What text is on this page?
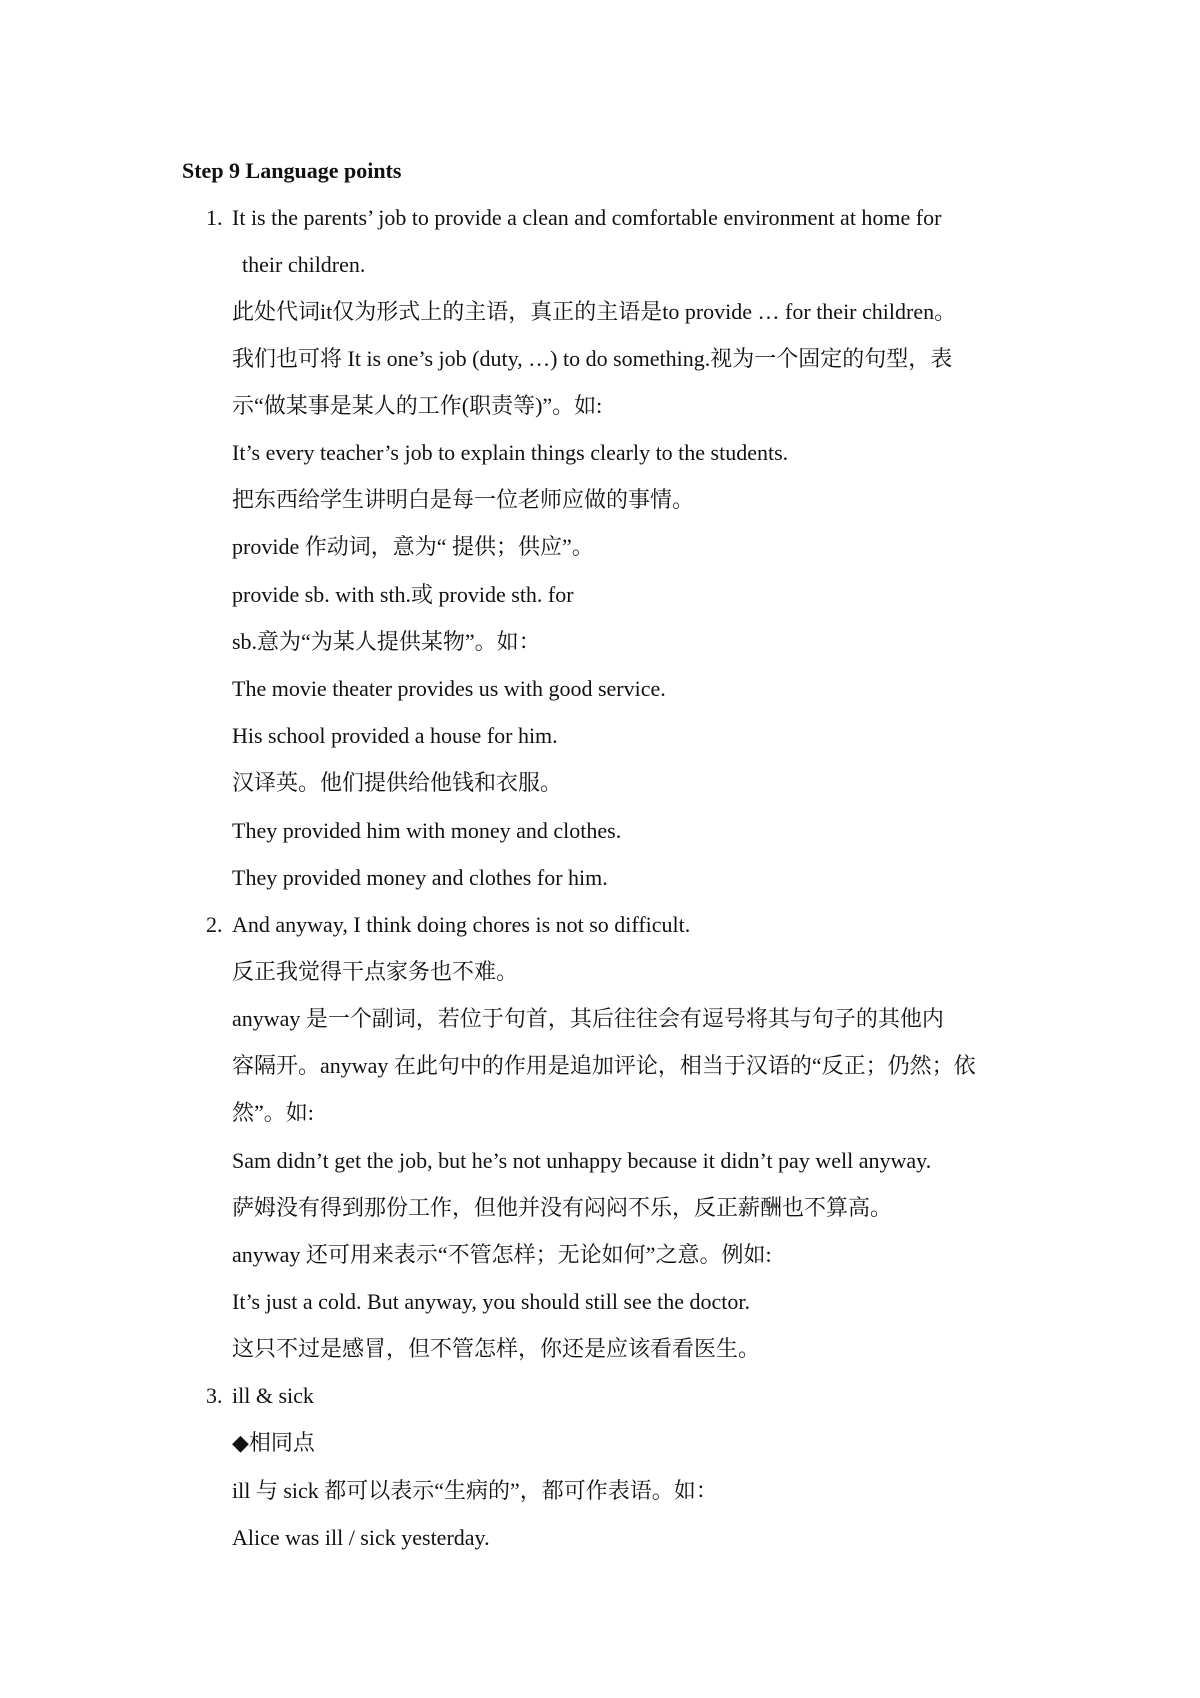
Step 9 Language points
1. It is the parents’ job to provide a clean and comfortable environment at home for
their children.
此处代词it仅为形式上的主语，真正的主语是to provide … for their children。
我们也可将 It is one’s job (duty, …) to do something.视为一个固定的句型，表
示“做某事是某人的工作(职责等)”。如:
It’s every teacher’s job to explain things clearly to the students.
把东西给学生讲明白是每一位老师应做的事情。
provide 作动词，意为“ 提供；供应”。
provide sb. with sth.或 provide sth. for
sb.意为“为某人提供某物”。如：
The movie theater provides us with good service.
His school provided a house for him.
汉译英。他们提供给他钱和衣服。
They provided him with money and clothes.
They provided money and clothes for him.
2. And anyway, I think doing chores is not so difficult.
反正我觉得干点家务也不难。
anyway 是一个副词，若位于句首，其后往往会有逗号将其与句子的其他内
容隔开。anyway 在此句中的作用是追加评论，相当于汉语的“反正；仍然；依
然”。如:
Sam didn’t get the job, but he’s not unhappy because it didn’t pay well anyway.
萨姆没有得到那份工作，但他并没有闷闷不乐，反正薪酬也不算高。
anyway 还可用来表示“不管怎样；无论如何”之意。例如:
It’s just a cold. But anyway, you should still see the doctor.
这只不过是感冒，但不管怎样，你还是应该看看医生。
3. ill & sick
◆相同点
ill 与 sick 都可以表示“生病的”，都可作表语。如：
Alice was ill / sick yesterday.
